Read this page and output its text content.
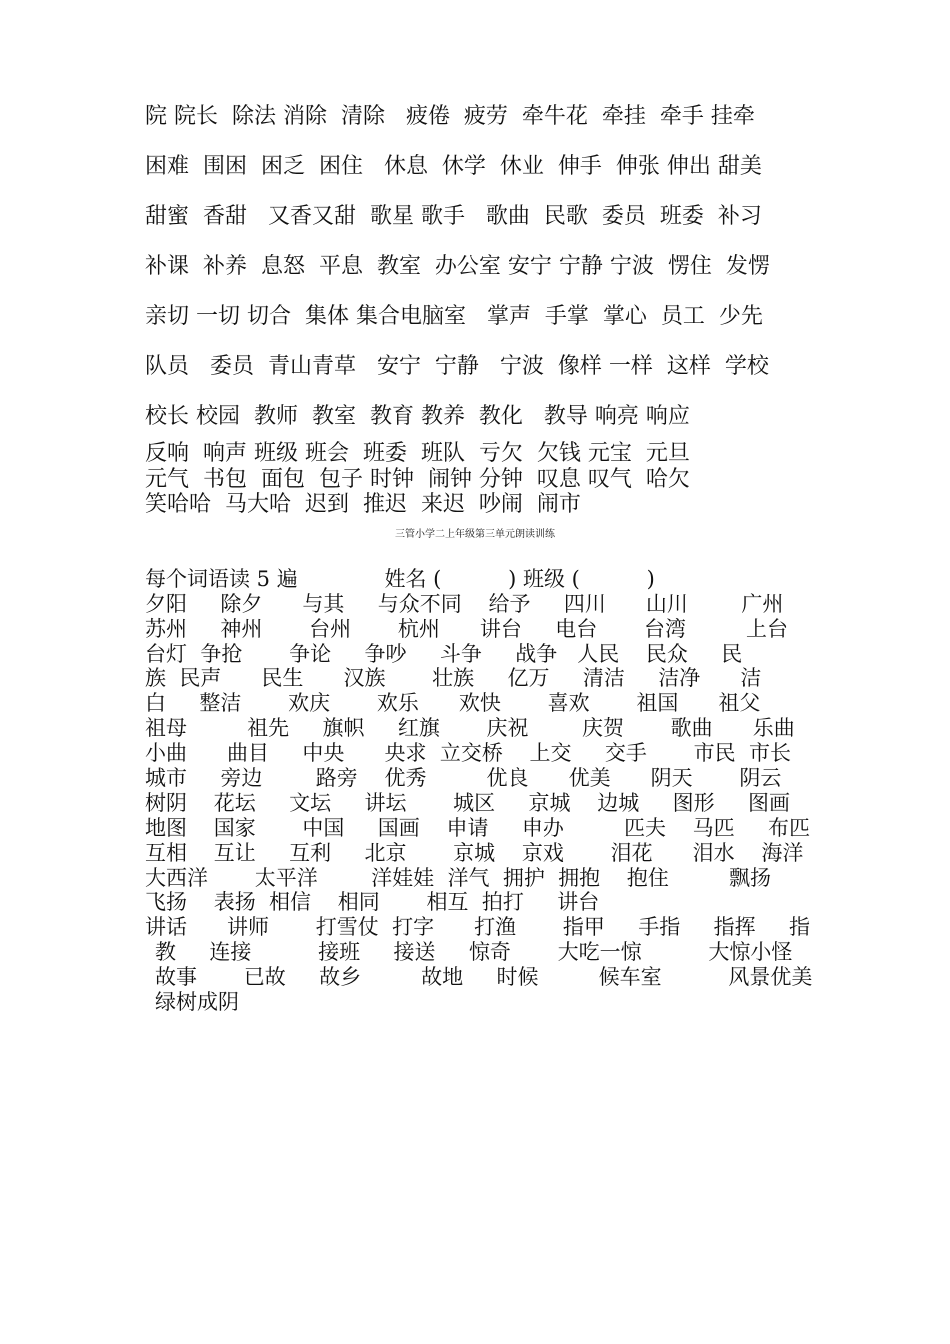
院 院长  除法 消除  清除   疲倦  疲劳  牵牛花  牵挂  牵手 挂牵
困难  围困  困乏  困住   休息  休学  休业  伸手  伸张 伸出 甜美
甜蜜  香甜   又香又甜  歌星 歌手   歌曲  民歌  委员  班委  补习
补课  补养  息怒  平息  教室  办公室 安宁 宁静 宁波  愣住  发愣
亲切 一切 切合  集体 集合电脑室   掌声  手掌  掌心  员工  少先
队员   委员  青山青草   安宁  宁静   宁波  像样 一样  这样  学校
校长 校园  教师  教室  教育 教养  教化   教导 响亮 响应
反响  响声 班级 班会  班委  班队  亏欠  欠钱 元宝  元旦
元气  书包  面包  包子 时钟  闹钟 分钟  叹息 叹气  哈欠
笑哈哈  马大哈  迟到  推迟  来迟  吵闹  闹市
三管小学二上年级第三单元朗读训练
每个词语读 5 遍             姓名 (          ) 班级 (          )
夕阳     除夕      与其     与众不同    给予     四川      山川        广州
苏州     神州       台州       杭州      讲台     电台       台湾         上台
台灯  争抢       争论     争吵     斗争     战争   人民    民众     民
族  民声      民生      汉族       壮族     亿万     清洁     洁净      洁
白     整洁       欢庆       欢乐      欢快       喜欢       祖国      祖父
祖母         祖先     旗帜     红旗       庆祝        庆贺       歌曲      乐曲
小曲      曲目     中央      央求  立交桥    上交     交手       市民  市长
城市     旁边        路旁    优秀         优良      优美      阴天       阴云
树阴    花坛     文坛     讲坛       城区     京城    边城     图形     图画
地图    国家       中国     国画    申请     申办         匹夫    马匹     布匹
互相    互让     互利     北京       京城    京戏       泪花      泪水    海洋
大西洋       太平洋        洋娃娃  洋气  拥护  拥抱    抱住         飘扬
飞扬    表扬  相信    相同       相互  拍打     讲台
讲话      讲师       打雪仗  打字      打渔       指甲     手指     指挥     指
教     连接          接班     接送     惊奇       大吃一惊          大惊小怪
故事       已故     故乡         故地     时候         候车室          风景优美
绿树成阴
